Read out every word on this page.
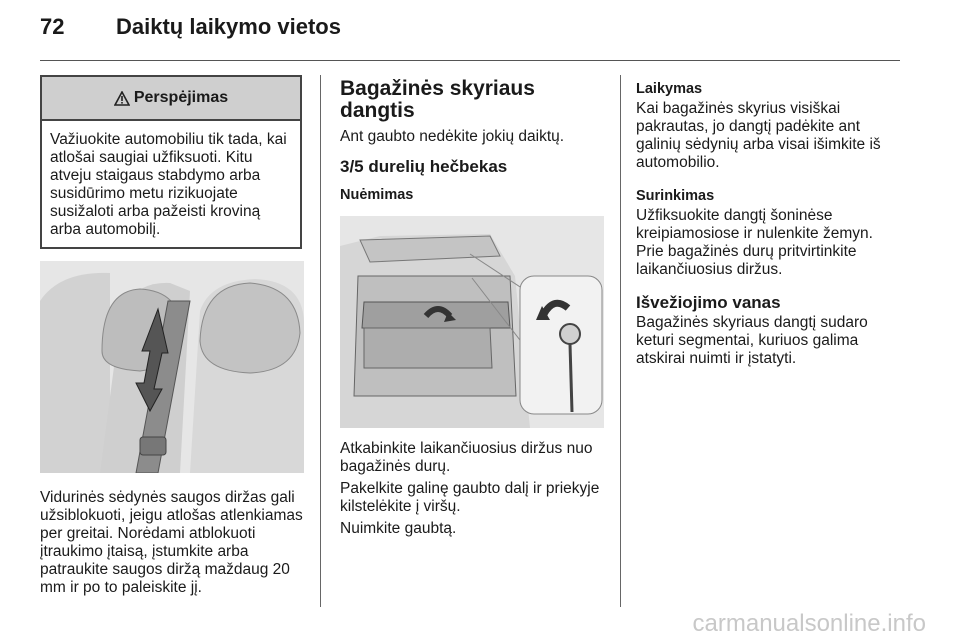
72 Daiktų laikymo vietos
Perspėjimas
Važiuokite automobiliu tik tada, kai atlošai saugiai užfiksuoti. Kitu atveju staigaus stabdymo arba susidūrimo metu rizikuojate susižaloti arba pažeisti kroviną arba automobilį.

Vidurinės sėdynės saugos diržas gali užsiblokuoti, jeigu atlošas atlenkiamas per greitai. Norėdami atblokuoti įtraukimo įtaisą, įstumkite arba patraukite saugos diržą maždaug 20 mm ir po to paleiskite jį.

Bagažinės skyriaus dangtis

Ant gaubto nedėkite jokių daiktų.

3/5 durelių hečbekas
Nuėmimas

Atkabinkite laikančiuosius diržus nuo bagažinės durų.

Pakelkite galinę gaubto dalį ir priekyje kilstelėkite į viršų.

Nuimkite gaubtą.

Laikymas
Kai bagažinės skyrius visiškai pakrautas, jo dangtį padėkite ant galinių sėdynių arba visai išimkite iš automobilio.
Surinkimas
Užfiksuokite dangtį šoninėse kreipiamosiose ir nulenkite žemyn. Prie bagažinės durų pritvirtinkite laikančiuosius diržus.
Išvežiojimo vanas
Bagažinės skyriaus dangtį sudaro keturi segmentai, kuriuos galima atskirai nuimti ir įstatyti.
carmanualsonline.info
